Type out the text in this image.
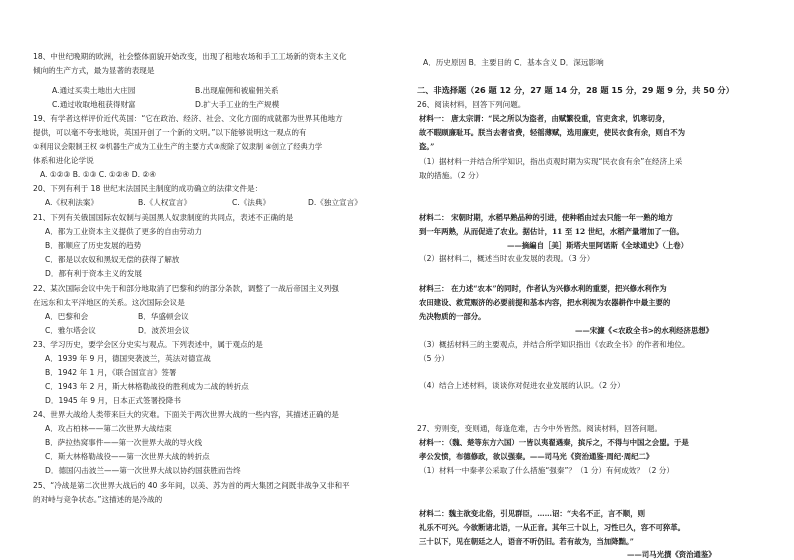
18、中世纪晚期的欧洲，社会整体面貌开始改变，出现了租地农场和手工工场新的资本主义化
倾向的生产方式，最为显著的表现是
A.通过买卖土地出大庄园	B.出现雇佣和被雇佣关系
C.通过收取地租获得财富	D.扩大手工业的生产规模
19、有学者这样评价近代英国：“它在政治、经济、社会、文化方面的成就都为世界其他地方
提供，可以毫不夸张地说，英国开创了一个新的文明。”以下能够说明这一观点的有
①利用议会限制王权 ②机器生产成为工业生产的主要方式③废除了奴隶制 ④创立了经典力学
体系和进化论学说
A. ①②③ B. ①③ C. ①②④ D. ②④
20、下列有利于 18 世纪末法国民主制度的成功确立的法律文件是：
A.《权利法案》	B.《人权宣言》	C.《法典》	D.《独立宣言》
21、下列有关俄国国际农奴制与美国黑人奴隶制度的共同点，表述不正确的是
A．都为工业资本主义提供了更多的自由劳动力
B．都顺应了历史发展的趋势
C．都是以农奴和黑奴无偿的获得了解放
D．都有利于资本主义的发展
22、某次国际会议中先于和部分地取消了巴黎和约的部分条款，调整了一战后帝国主义列强
在远东和太平洋地区的关系。这次国际会议是
A．巴黎和会	B．华盛顿会议
C．雅尔塔会议	D．波茨坦会议
23、学习历史，要学会区分史实与观点。下列表述中，属于观点的是
A．1939 年 9 月，德国突袭波兰，英法对德宣战
B．1942 年 1 月，《联合国宣言》签署
C．1943 年 2 月，斯大林格勒战役的胜利成为二战的转折点
D．1945 年 9 月，日本正式签署投降书
24、世界大战给人类带来巨大的灾难。下面关于两次世界大战的一些内容，其描述正确的是
A．攻占柏林——第二次世界大战结束
B．萨拉热窝事件——第一次世界大战的导火线
C．斯大林格勒战役——第一次世界大战的转折点
D．德国闪击波兰——第一次世界大战以协约国获胜而告终
25、“冷战是第二次世界大战后的 40 多年间，以美、苏为首的两大集团之间既非战争又非和平
的对峙与竞争状态。”这描述的是冷战的
A．历史原因 B．主要目的 C．基本含义 D．深远影响
二、非选择题（26 题 12 分，27 题 14 分，28 题 15 分，29 题 9 分，共 50 分）
26、阅读材料，回答下列问题。
材料一： 唐太宗谓：“民之所以为盗者，由赋繁役重，官吏贪求，饥寒切身，
故不暇顾廉耻耳。朕当去奢省费，轻徭薄赋，选用廉吏，使民衣食有余，则自不为
盗。”
（1）据材料一并结合所学知识，指出贞观时期为实现“民衣食有余”在经济上采
取的措施。（2 分）
材料二： 宋朝时期，水稻早熟品种的引进，使种稻由过去只能一年一熟的地方
到一年两熟，从而促进了农业。据估计，11 至 12 世纪，水稻产量增加了一倍。
——摘編自［美］斯塔夫里阿诺斯《全球通史》（上卷）
（2）据材料二，概述当时农业发展的表现。（3 分）
材料三： 在力述“农本”的同时，作者认为兴修水利的重要，把兴修水利作为
农田建设、救荒赈济的必要前提和基本内容，把水利视为农器耕作中最主要的
先决物质的一部分。
——宋濂《<农政全书>的水利经济思想》
（3）概括材料三的主要观点，并结合所学知识指出《农政全书》的作者和地位。
（5 分）
（4）结合上述材料，谈谈你对促进农业发展的认识。（2 分）
27、穷则变，变则通，每逢危难，古今中外皆然。阅读材料，回答问题。
材料一：（魏、楚等东方六国）一皆以夷翟遇秦，摈斥之，不得与中国之会盟。于是
孝公发愤，布德修政，欲以强秦。——司马光《资治通鉴·周纪·周纪二》
（1）材料一中秦孝公采取了什么措施“强秦”？（1 分）有何成效？（2 分）
材料二：魏主欲变北俗，引见群臣，……诏：“夫名不正，言不顺，则
礼乐不可兴。今欲断诸北语，一从正音。其年三十以上，习性已久，容不可猝革。
三十以下，见在朝廷之人，语音不听仍旧。若有故为，当加降黜。”
——司马光撰《资治通鉴》
